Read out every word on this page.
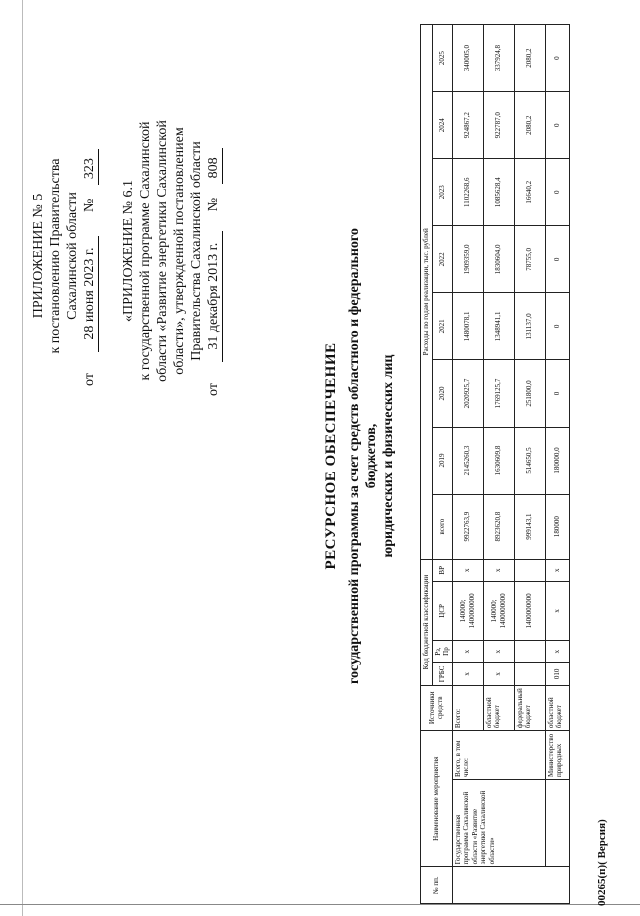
ПРИЛОЖЕНИЕ № 5 к постановлению Правительства Сахалинской области
от 28 июня 2023 г. № 323
«ПРИЛОЖЕНИЕ № 6.1 к государственной программе Сахалинской области «Развитие энергетики Сахалинской области», утвержденной постановлением Правительства Сахалинской области
от 31 декабря 2013 г. № 808
РЕСУРСНОЕ ОБЕСПЕЧЕНИЕ государственной программы за счет средств областного и федерального бюджетов, юридических и физических лиц
№ пп.	Наименование мероприятия		Источники средств	Код бюджетной классификации				Расходы по годам реализации, тыс. рублей							
				ГРБС	Рз, Пр	ЦСР	ВР	всего	2019	2020	2021	2022	2023	2024	2025
	Государственная программа Сахалинской области «Развитие энергетики Сахалинской области»	Всего, в том числе:	Всего:	х	х	140000; 1400000000	х	9922763,9	2145260,3	2020925,7	1480078,1	1909359,0	1102268,6	924867,2	340005,0
			областной бюджет	х	х	140000; 1400000000	х	8923620,8	1630609,8	1769125,7	1348941,1	1830604,0	1085628,4	922787,0	337924,8
			федеральный бюджет			1400000000		999143,1	514650,5	251800,0	131137,0	78755,0	16640,2	2080,2	2080,2
		Министерство природных	областной бюджет	010	х	х	х	180000	180000,0	0	0	0	0	0	0
00265(п)( Версия)
